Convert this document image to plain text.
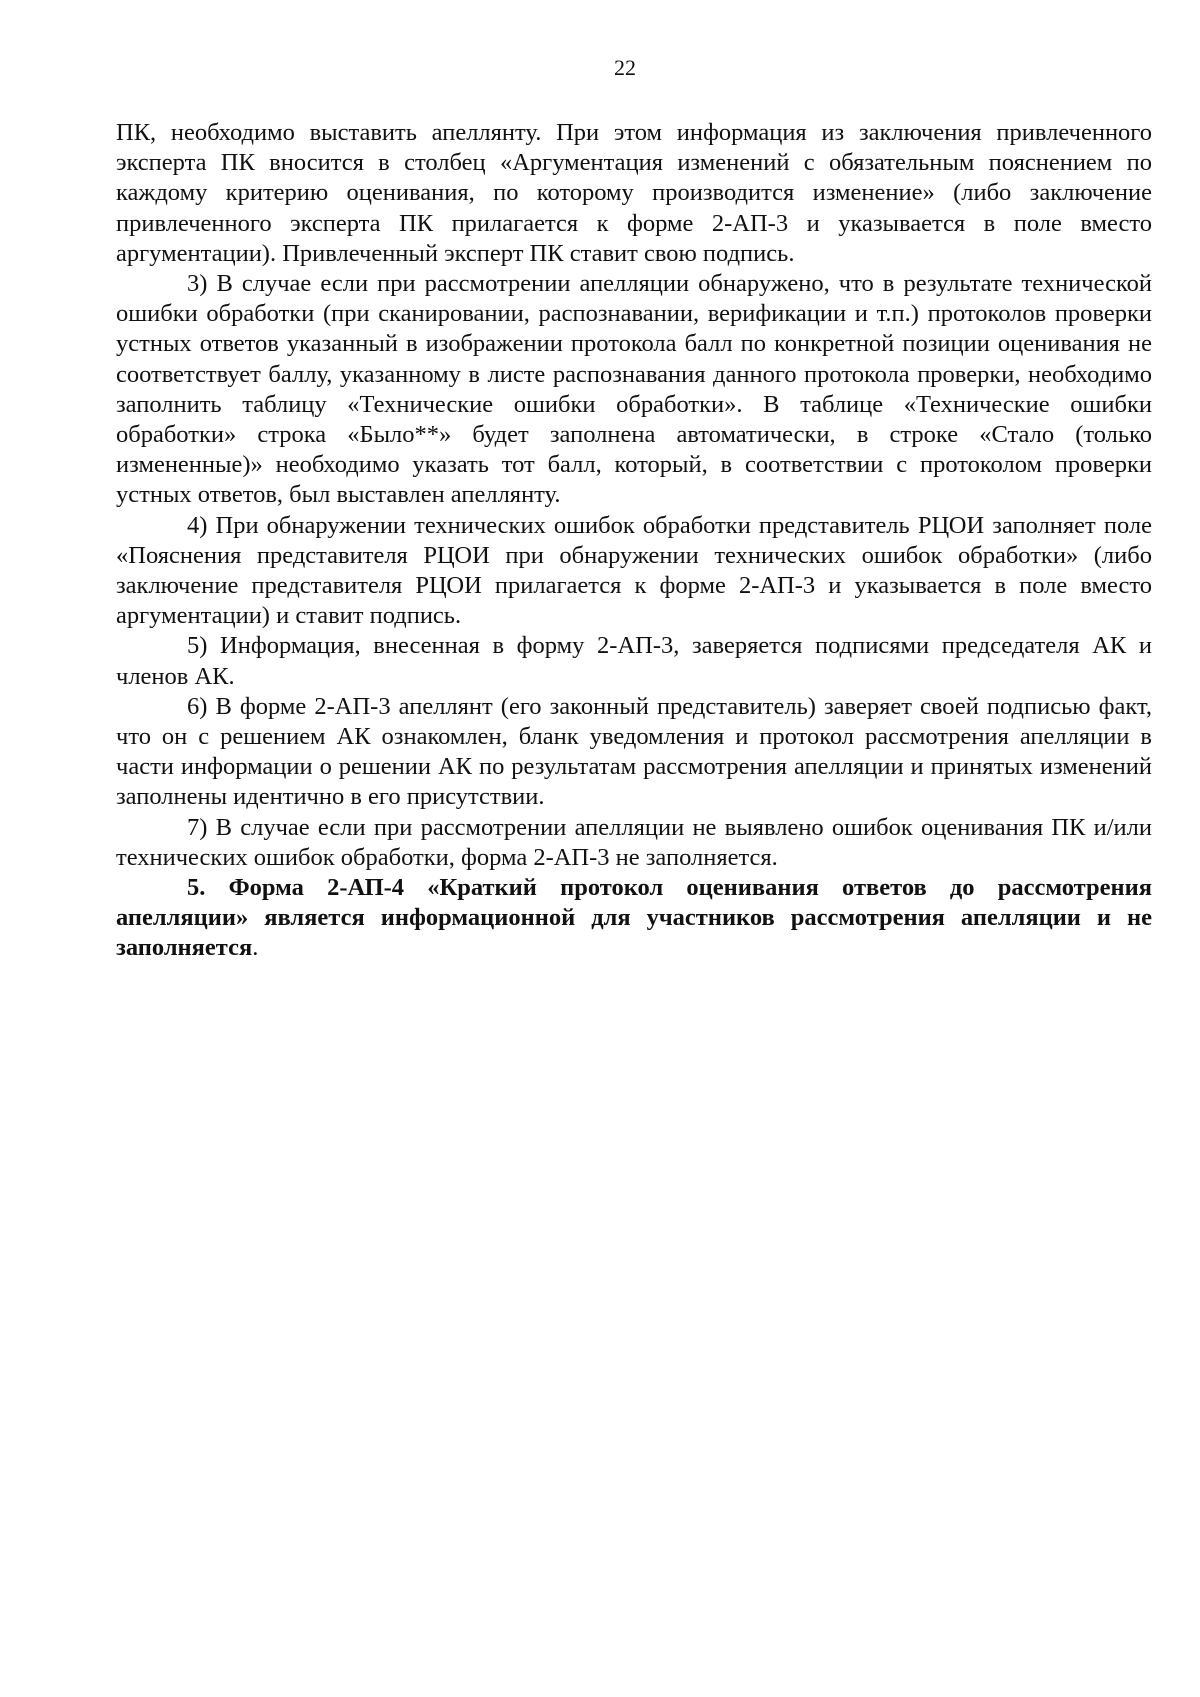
22

ПК, необходимо выставить апеллянту. При этом информация из заключения привлеченного эксперта ПК вносится в столбец «Аргументация изменений с обязательным пояснением по каждому критерию оценивания, по которому производится изменение» (либо заключение привлеченного эксперта ПК прилагается к форме 2-АП-3 и указывается в поле вместо аргументации). Привлеченный эксперт ПК ставит свою подпись.

3) В случае если при рассмотрении апелляции обнаружено, что в результате технической ошибки обработки (при сканировании, распознавании, верификации и т.п.) протоколов проверки устных ответов указанный в изображении протокола балл по конкретной позиции оценивания не соответствует баллу, указанному в листе распознавания данного протокола проверки, необходимо заполнить таблицу «Технические ошибки обработки». В таблице «Технические ошибки обработки» строка «Было**» будет заполнена автоматически, в строке «Стало (только измененные)» необходимо указать тот балл, который, в соответствии с протоколом проверки устных ответов, был выставлен апеллянту.

4) При обнаружении технических ошибок обработки представитель РЦОИ заполняет поле «Пояснения представителя РЦОИ при обнаружении технических ошибок обработки» (либо заключение представителя РЦОИ прилагается к форме 2-АП-3 и указывается в поле вместо аргументации) и ставит подпись.

5) Информация, внесенная в форму 2-АП-3, заверяется подписями председателя АК и членов АК.

6) В форме 2-АП-3 апеллянт (его законный представитель) заверяет своей подписью факт, что он с решением АК ознакомлен, бланк уведомления и протокол рассмотрения апелляции в части информации о решении АК по результатам рассмотрения апелляции и принятых изменений заполнены идентично в его присутствии.

7) В случае если при рассмотрении апелляции не выявлено ошибок оценивания ПК и/или технических ошибок обработки, форма 2-АП-3 не заполняется.

5. Форма 2-АП-4 «Краткий протокол оценивания ответов до рассмотрения апелляции» является информационной для участников рассмотрения апелляции и не заполняется.
